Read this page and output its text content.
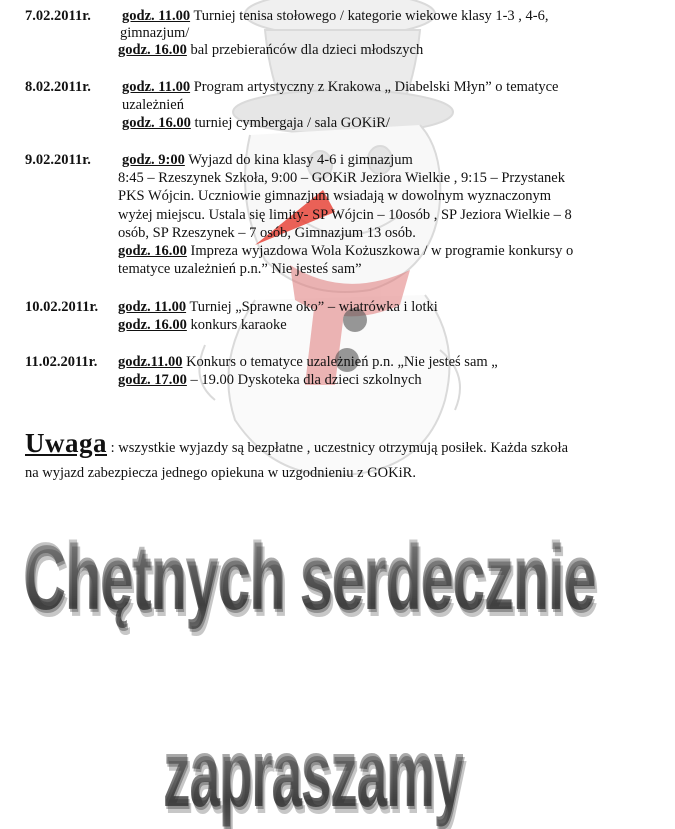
7.02.2011r. godz. 11.00 Turniej tenisa stołowego / kategorie wiekowe klasy 1-3 , 4-6,
gimnazjum/
godz. 16.00 bal przebierańców dla dzieci młodszych
8.02.2011r. godz. 11.00 Program artystyczny z Krakowa „ Diabelski Młyn” o tematyce
uzależnień
godz. 16.00 turniej cymbergaja / sala GOKiR/
9.02.2011r. godz. 9:00 Wyjazd do kina klasy 4-6 i gimnazjum
8:45 – Rzeszynek Szkoła, 9:00 – GOKiR Jeziora Wielkie , 9:15 – Przystanek
PKS Wójcin. Uczniowie gimnazjum wsiadają w dowolnym wyznaczonym
wyżej miejscu. Ustala się limity- SP Wójcin – 10osób , SP Jeziora Wielkie – 8
osób, SP Rzeszynek – 7 osób, Gimnazjum 13 osób.
godz. 16.00 Impreza wyjazdowa Wola Kożuszkowa / w programie konkursy o
tematyce uzależnień p.n.” Nie jesteś sam”
10.02.2011r. godz. 11.00 Turniej „Sprawne oko” – wiatrówka i lotki
godz. 16.00 konkurs karaoke
11.02.2011r. godz.11.00 Konkurs o tematyce uzależnień p.n. „Nie jesteś sam „
godz. 17.00 – 19.00 Dyskoteka dla dzieci szkolnych
Uwaga : wszystkie wyjazdy są bezpłatne , uczestnicy otrzymują posiłek. Każda szkoła
na wyjazd zabezpiecza jednego opiekuna w uzgodnieniu z GOKiR.

Chętnych serdecznie

zapraszamy
